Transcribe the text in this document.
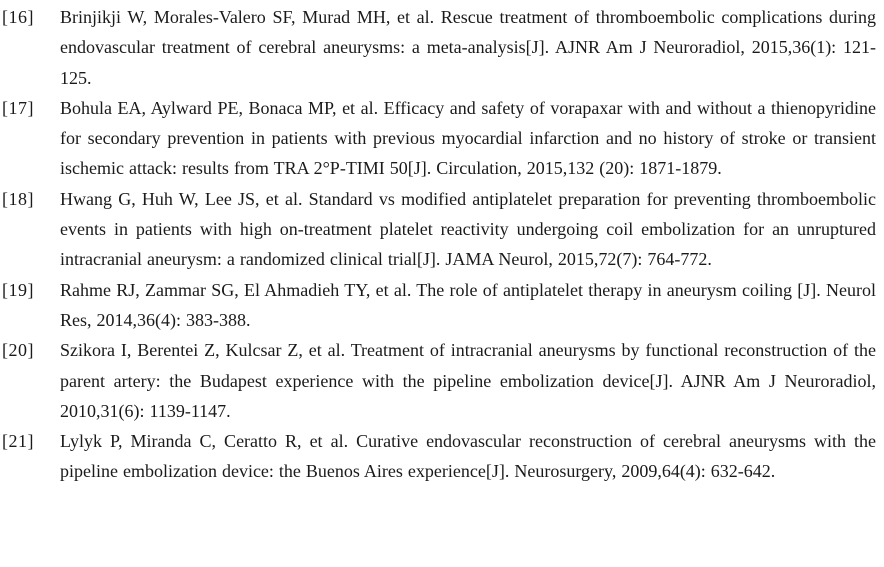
[16]	Brinjikji W, Morales-Valero SF, Murad MH, et al. Rescue treatment of thromboembolic complications during endovascular treatment of cerebral aneurysms: a meta-analysis[J]. AJNR Am J Neuroradiol, 2015,36(1): 121-125.
[17]	Bohula EA, Aylward PE, Bonaca MP, et al. Efficacy and safety of vorapaxar with and without a thienopyridine for secondary prevention in patients with previous myocardial infarction and no history of stroke or transient ischemic attack: results from TRA 2°P-TIMI 50[J]. Circulation, 2015,132 (20): 1871-1879.
[18]	Hwang G, Huh W, Lee JS, et al. Standard vs modified antiplatelet preparation for preventing thromboembolic events in patients with high on-treatment platelet reactivity undergoing coil embolization for an unruptured intracranial aneurysm: a randomized clinical trial[J]. JAMA Neurol, 2015,72(7): 764-772.
[19]	Rahme RJ, Zammar SG, El Ahmadieh TY, et al. The role of antiplatelet therapy in aneurysm coiling [J]. Neurol Res, 2014,36(4): 383-388.
[20]	Szikora I, Berentei Z, Kulcsar Z, et al. Treatment of intracranial aneurysms by functional reconstruction of the parent artery: the Budapest experience with the pipeline embolization device[J]. AJNR Am J Neuroradiol, 2010,31(6): 1139-1147.
[21]	Lylyk P, Miranda C, Ceratto R, et al. Curative endovascular reconstruction of cerebral aneurysms with the pipeline embolization device: the Buenos Aires experience[J]. Neurosurgery, 2009,64(4): 632-642.
